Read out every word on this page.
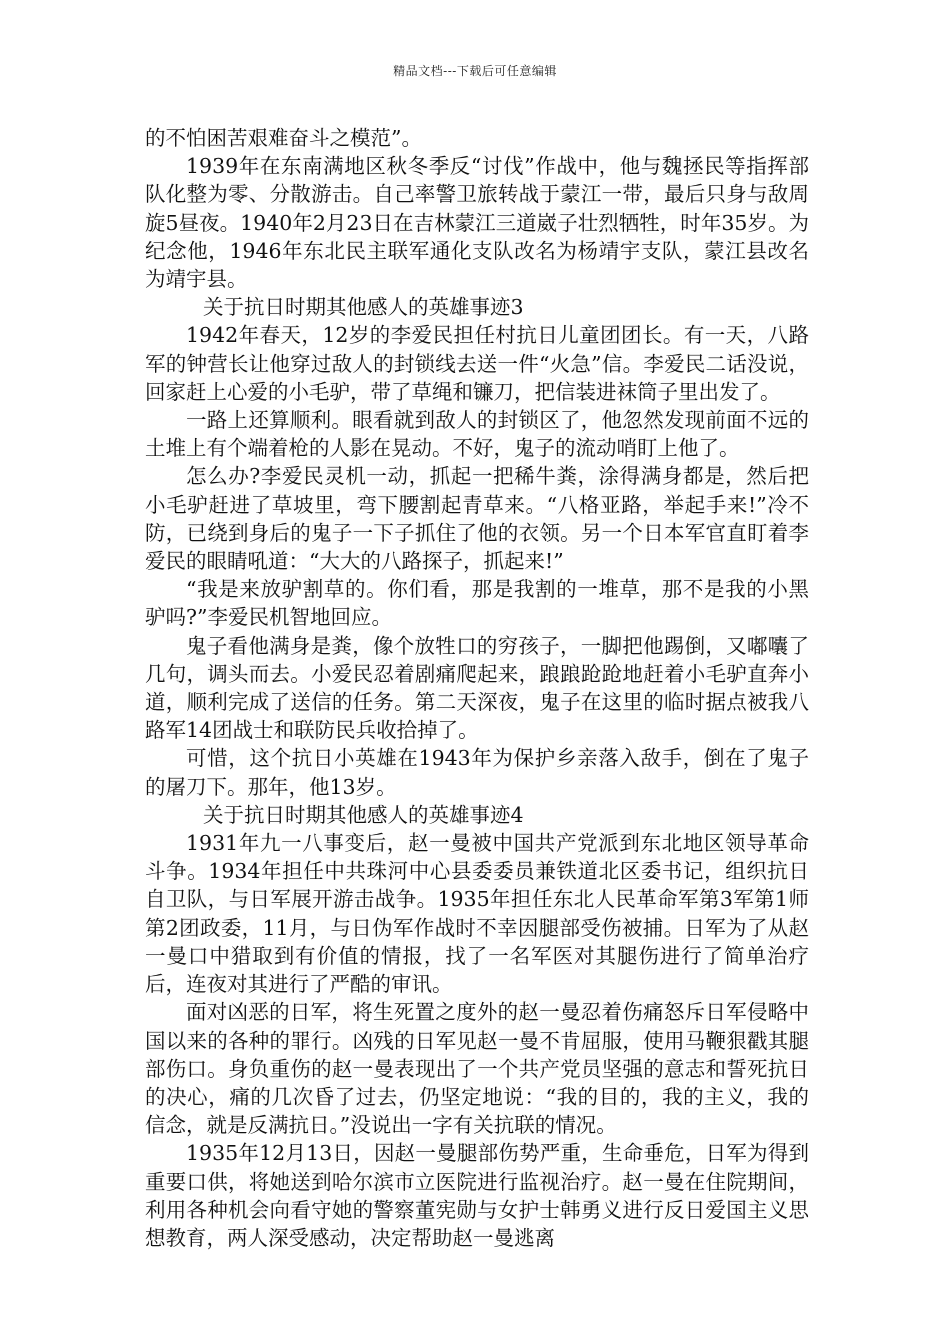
精品文档---下载后可任意编辑

的不怕困苦艰难奋斗之模范”。

1939年在东南满地区秋冬季反“讨伐”作战中，他与魏拯民等指挥部队化整为零、分散游击。自己率警卫旅转战于蒙江一带，最后只身与敌周旋5昼夜。1940年2月23日在吉林蒙江三道崴子壮烈牺牲，时年35岁。为纪念他，1946年东北民主联军通化支队改名为杨靖宇支队，蒙江县改名为靖宇县。

关于抗日时期其他感人的英雄事迹3

1942年春天，12岁的李爱民担任村抗日儿童团团长。有一天，八路军的钟营长让他穿过敌人的封锁线去送一件“火急”信。李爱民二话没说，回家赶上心爱的小毛驴，带了草绳和镰刀，把信装进袜筒子里出发了。

一路上还算顺利。眼看就到敌人的封锁区了，他忽然发现前面不远的土堆上有个端着枪的人影在晃动。不好，鬼子的流动哨盯上他了。

怎么办?李爱民灵机一动，抓起一把稀牛粪，涂得满身都是，然后把小毛驴赶进了草坡里，弯下腰割起青草来。“八格亚路，举起手来!”冷不防，已绕到身后的鬼子一下子抓住了他的衣领。另一个日本军官直盯着李爱民的眼睛吼道：“大大的八路探子，抓起来!”

“我是来放驴割草的。你们看，那是我割的一堆草，那不是我的小黑驴吗?”李爱民机智地回应。

鬼子看他满身是粪，像个放牲口的穷孩子，一脚把他踢倒，又嘟囔了几句，调头而去。小爱民忍着剧痛爬起来，踉踉跄跄地赶着小毛驴直奔小道，顺利完成了送信的任务。第二天深夜，鬼子在这里的临时据点被我八路军14团战士和联防民兵收拾掉了。

可惜，这个抗日小英雄在1943年为保护乡亲落入敌手，倒在了鬼子的屠刀下。那年，他13岁。

关于抗日时期其他感人的英雄事迹4

1931年九一八事变后，赵一曼被中国共产党派到东北地区领导革命斗争。1934年担任中共珠河中心县委委员兼铁道北区委书记，组织抗日自卫队，与日军展开游击战争。1935年担任东北人民革命军第3军第1师第2团政委，11月，与日伪军作战时不幸因腿部受伤被捕。日军为了从赵一曼口中猎取到有价值的情报，找了一名军医对其腿伤进行了简单治疗后，连夜对其进行了严酷的审讯。

面对凶恶的日军，将生死置之度外的赵一曼忍着伤痛怒斥日军侵略中国以来的各种的罪行。凶残的日军见赵一曼不肯屈服，使用马鞭狠戳其腿部伤口。身负重伤的赵一曼表现出了一个共产党员坚强的意志和誓死抗日的决心，痛的几次昏了过去，仍坚定地说：“我的目的，我的主义，我的信念，就是反满抗日。”没说出一字有关抗联的情况。

1935年12月13日，因赵一曼腿部伤势严重，生命垂危，日军为得到重要口供，将她送到哈尔滨市立医院进行监视治疗。赵一曼在住院期间，利用各种机会向看守她的警察董宪勋与女护士韩勇义进行反日爱国主义思想教育，两人深受感动，决定帮助赵一曼逃离
